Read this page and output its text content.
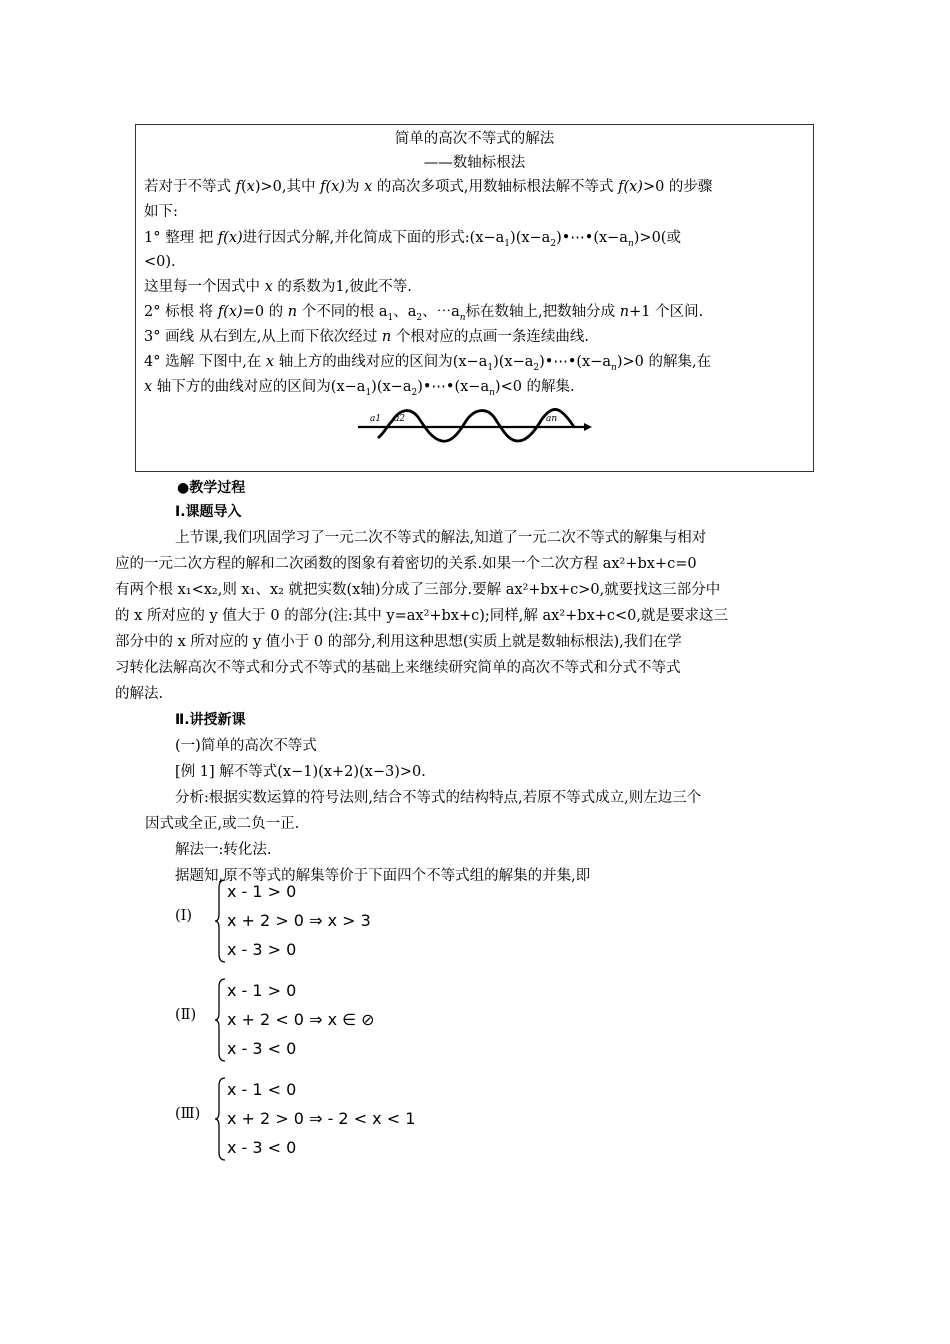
简单的高次不等式的解法
——数轴标根法
若对于不等式 f(x)>0,其中 f(x)为 x 的高次多项式,用数轴标根法解不等式 f(x)>0 的步骤
如下:
1° 整理 把 f(x)进行因式分解,并化简成下面的形式$:(x-a_1)(x-a_2)•\cdots•(x-a_n)>0$(或
<0).
这里每一个因式中 x 的系数为1,彼此不等.
2° 标根 将 f(x)=0 的 n 个不同的根 $a_1$、$a_2$、$\cdots a_n$标在数轴上,把数轴分成 n+1 个区间.
3° 画线 从右到左,从上而下依次经过 n 个根对应的点画一条连续曲线.
4° 选解 下图中,在 x 轴上方的曲线对应的区间为$(x-a_1)(x-a_2)•\cdots•(x-a_n)>0$ 的解集,在
x 轴下方的曲线对应的区间为$(x-a_1)(x-a_2)•\cdots•(x-a_n)<0$ 的解集.
a1 a2	an
●教学过程
Ⅰ.课题导入
上节课,我们巩固学习了一元二次不等式的解法,知道了一元二次不等式的解集与相对
应的一元二次方程的解和二次函数的图象有着密切的关系.如果一个二次方程 ax²+bx+c=0
有两个根 x₁<x₂,则 x₁、x₂ 就把实数(x轴)分成了三部分.要解 ax²+bx+c>0,就要找这三部分中
的 x 所对应的 y 值大于 0 的部分(注:其中 y=ax²+bx+c);同样,解 ax²+bx+c<0,就是要求这三
部分中的 x 所对应的 y 值小于 0 的部分,利用这种思想(实质上就是数轴标根法),我们在学
习转化法解高次不等式和分式不等式的基础上来继续研究简单的高次不等式和分式不等式
的解法.
Ⅱ.讲授新课
(一)简单的高次不等式
[例 1] 解不等式(x−1)(x+2)(x−3)>0.
分析:根据实数运算的符号法则,结合不等式的结构特点,若原不等式成立,则左边三个
因式或全正,或二负一正.
解法一:转化法.
据题知,原不等式的解集等价于下面四个不等式组的解集的并集,即
(Ⅰ)
x - 1 > 0
x + 2 > 0 ⇒ x > 3
x - 3 > 0
(Ⅱ)
x - 1 > 0
x + 2 < 0 ⇒ x ∈ ⊘
x - 3 < 0
(Ⅲ)
x - 1 < 0
x + 2 > 0 ⇒ - 2 < x < 1
x - 3 < 0
